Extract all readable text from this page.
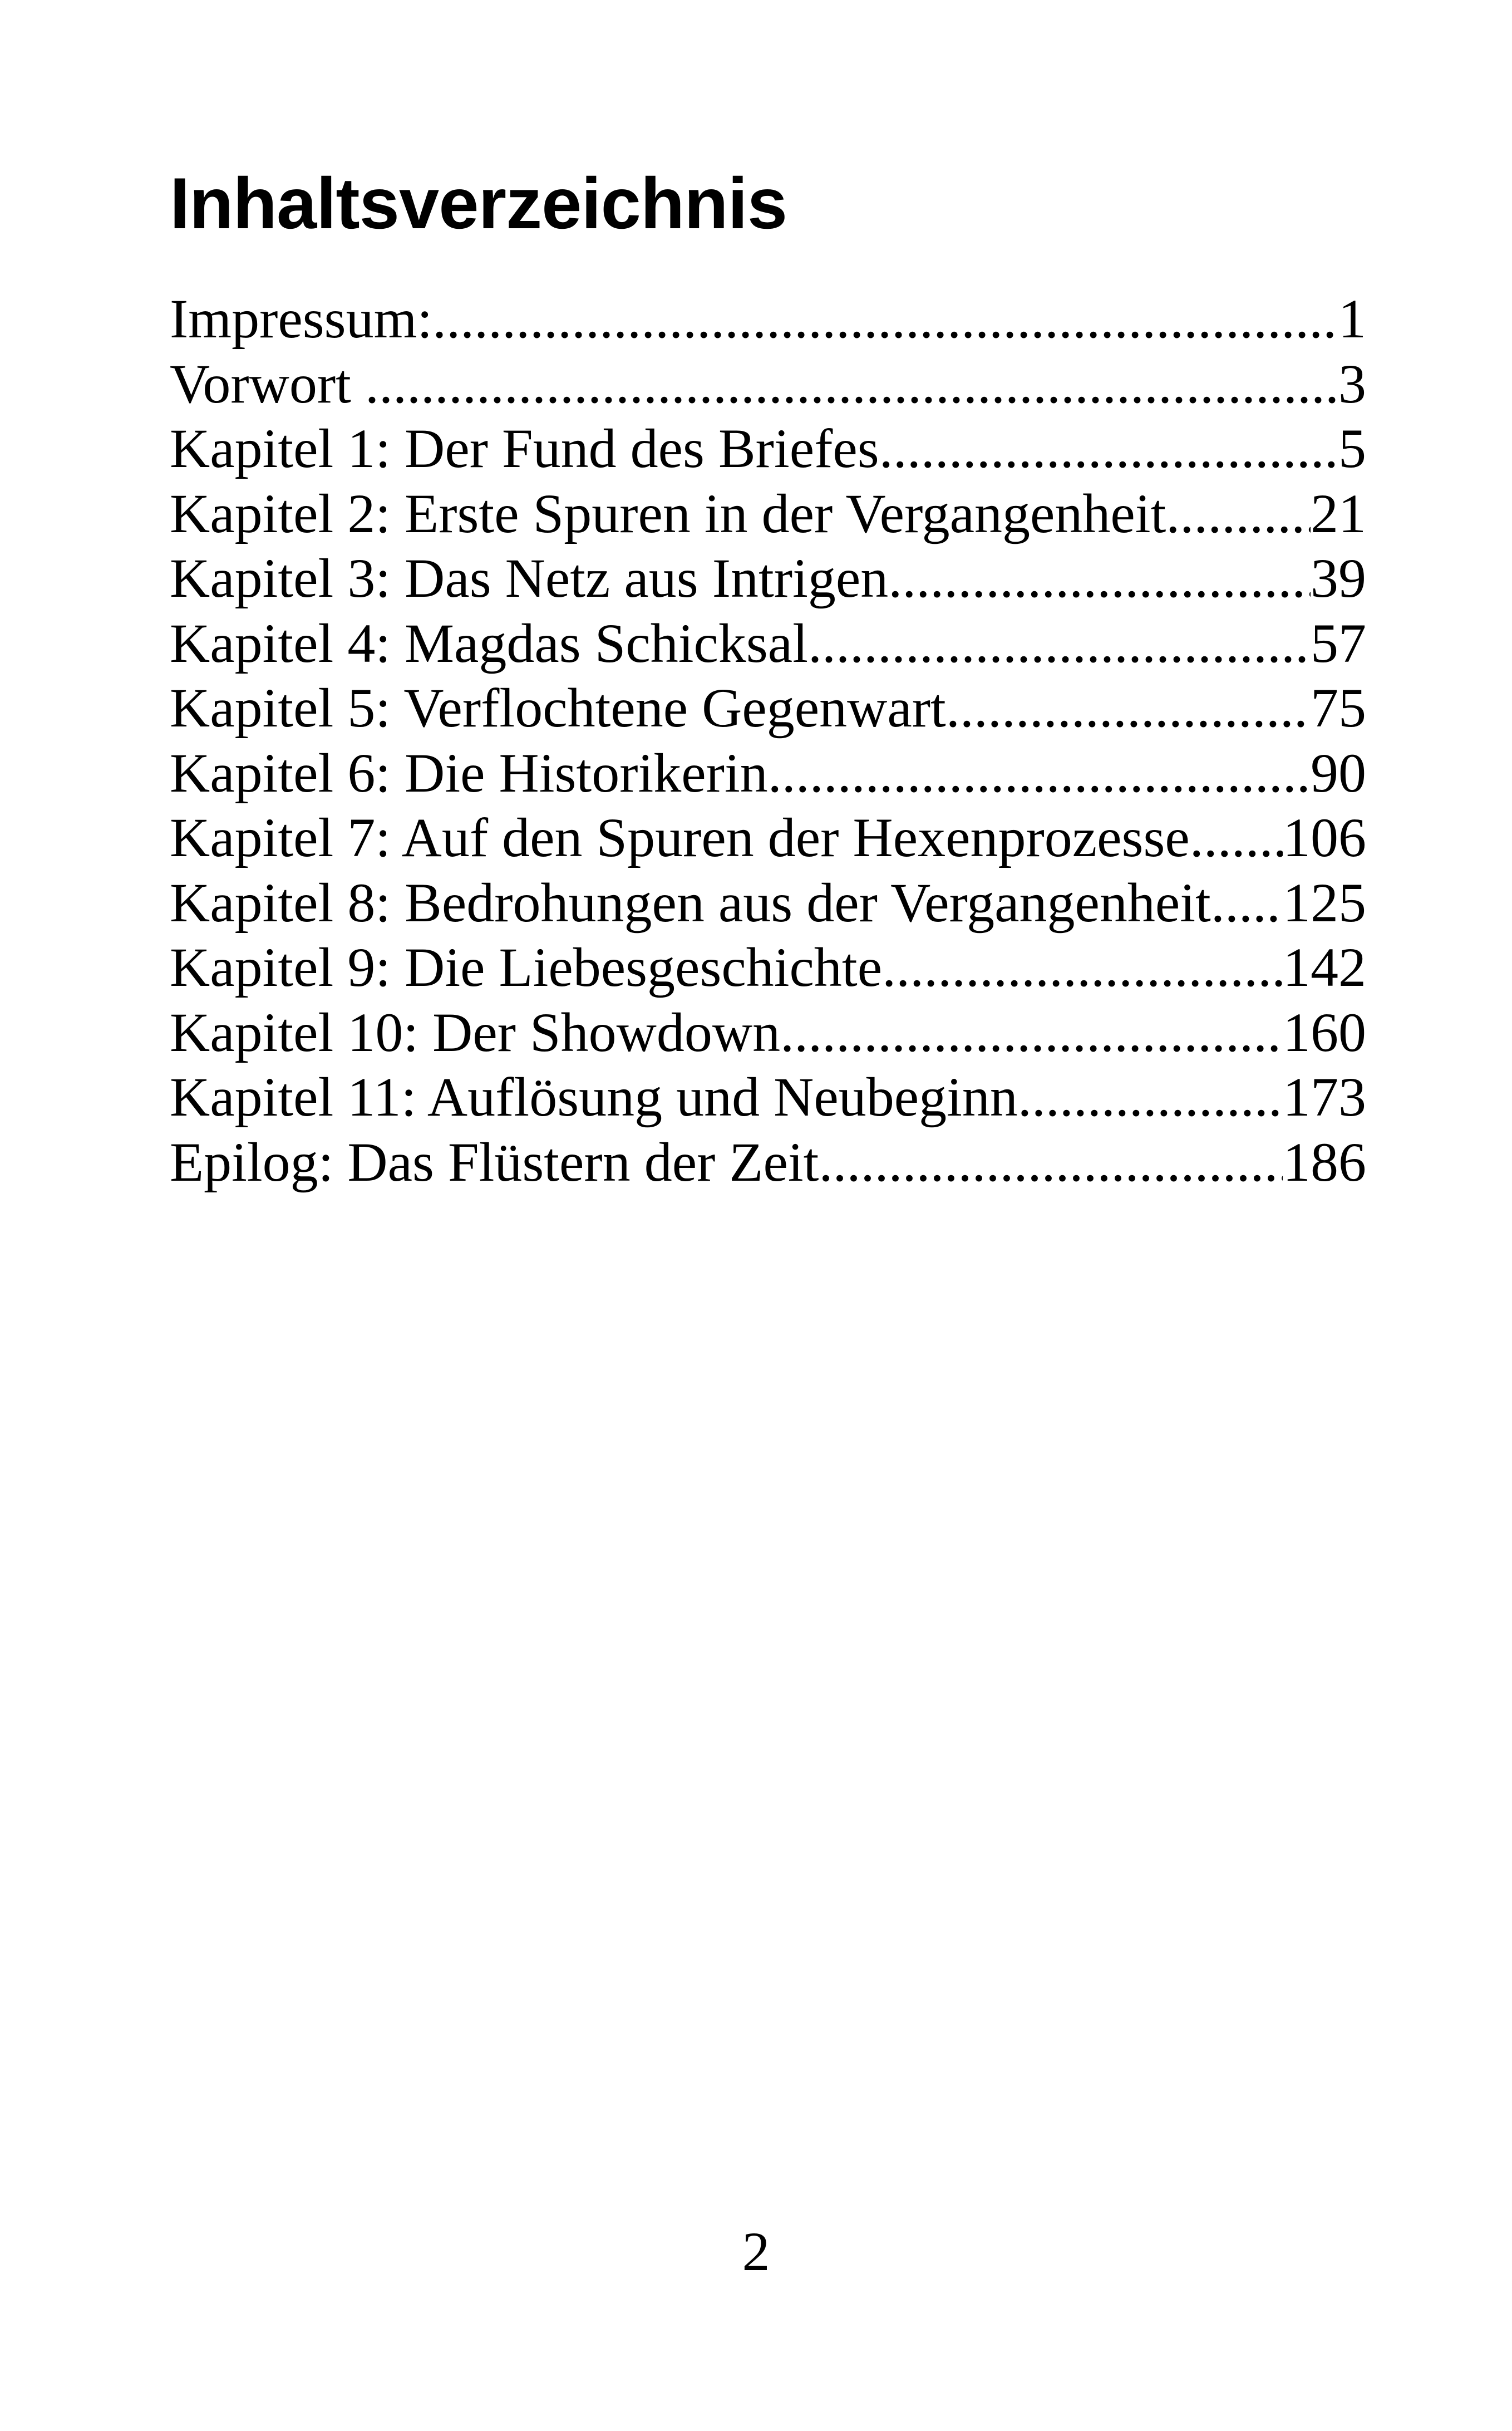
Inhaltsverzeichnis
Impressum: .....	1
Vorwort .....	3
Kapitel 1: Der Fund des Briefes .....	5
Kapitel 2: Erste Spuren in der Vergangenheit .....	21
Kapitel 3: Das Netz aus Intrigen .....	39
Kapitel 4: Magdas Schicksal .....	57
Kapitel 5: Verflochtene Gegenwart .....	75
Kapitel 6: Die Historikerin .....	90
Kapitel 7: Auf den Spuren der Hexenprozesse ..... 106
Kapitel 8: Bedrohungen aus der Vergangenheit ..... 125
Kapitel 9: Die Liebesgeschichte .....	142
Kapitel 10: Der Showdown .....	160
Kapitel 11: Auflösung und Neubeginn .....	173
Epilog: Das Flüstern der Zeit .....	186
2
